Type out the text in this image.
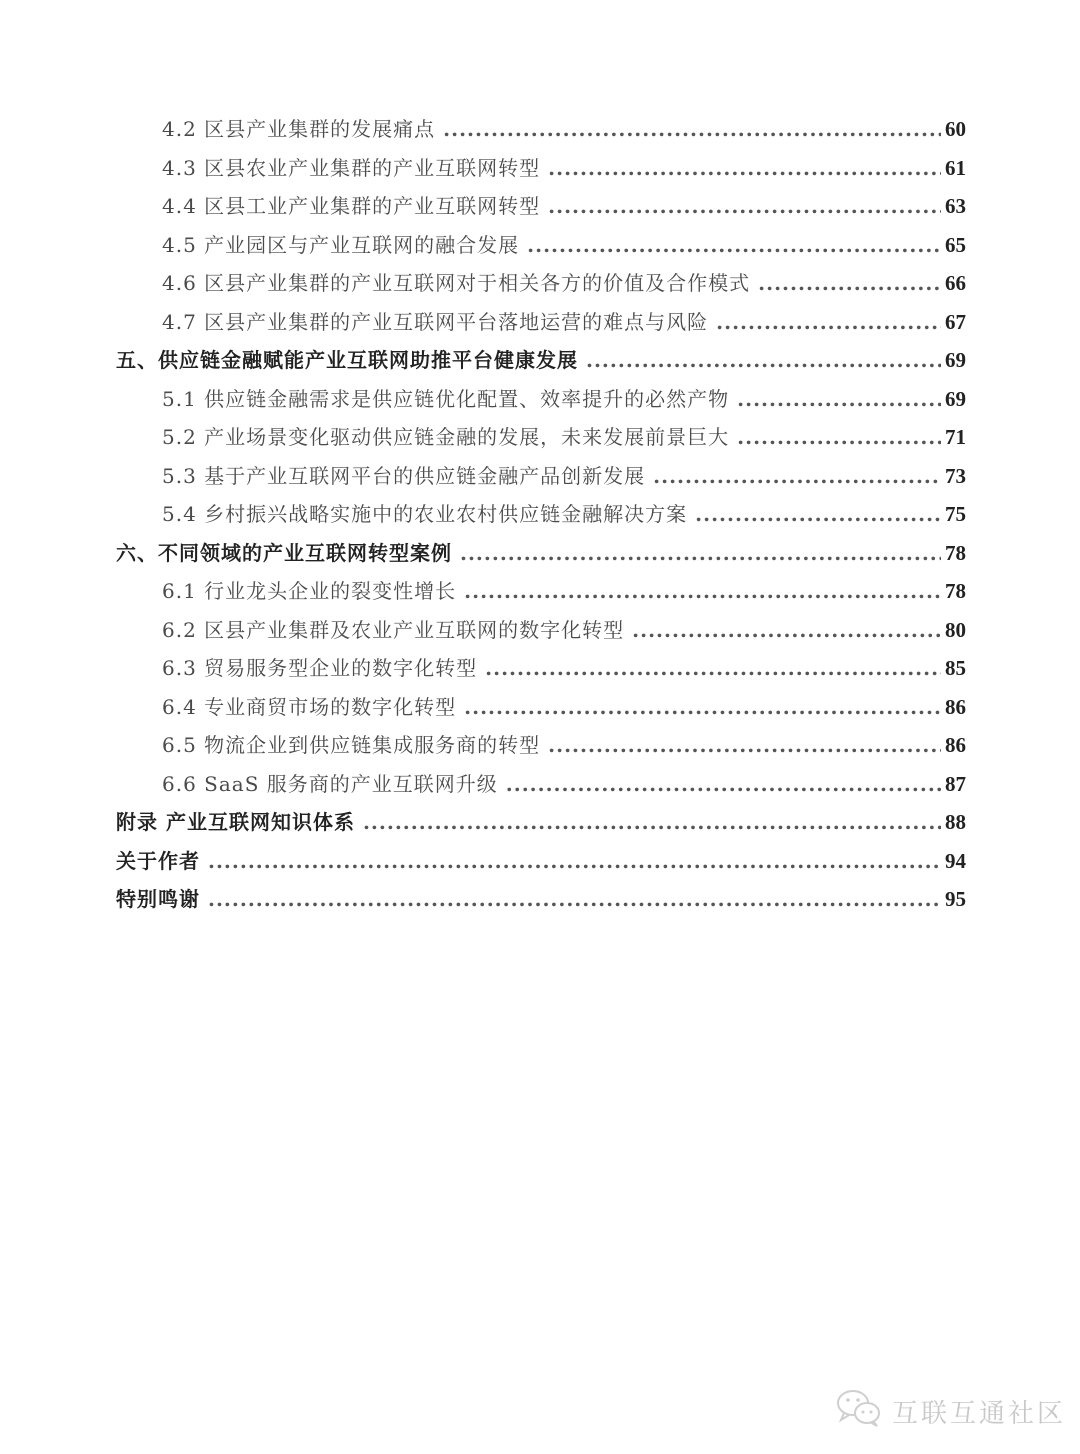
4.2 区县产业集群的发展痛点 .....	60
4.3 区县农业产业集群的产业互联网转型 .....	61
4.4 区县工业产业集群的产业互联网转型 .....	63
4.5 产业园区与产业互联网的融合发展 .....	65
4.6 区县产业集群的产业互联网对于相关各方的价值及合作模式 .....	66
4.7 区县产业集群的产业互联网平台落地运营的难点与风险 .....	67
五、供应链金融赋能产业互联网助推平台健康发展 .....	69
5.1 供应链金融需求是供应链优化配置、效率提升的必然产物 .....	69
5.2 产业场景变化驱动供应链金融的发展，未来发展前景巨大 .....	71
5.3 基于产业互联网平台的供应链金融产品创新发展 .....	73
5.4 乡村振兴战略实施中的农业农村供应链金融解决方案 .....	75
六、不同领域的产业互联网转型案例 .....	78
6.1 行业龙头企业的裂变性增长 .....	78
6.2 区县产业集群及农业产业互联网的数字化转型 .....	80
6.3 贸易服务型企业的数字化转型 .....	85
6.4 专业商贸市场的数字化转型 .....	86
6.5 物流企业到供应链集成服务商的转型 .....	86
6.6 SaaS 服务商的产业互联网升级 .....	87
附录 产业互联网知识体系 .....	88
关于作者 .....	94
特别鸣谢 .....	95
互联互通社区
